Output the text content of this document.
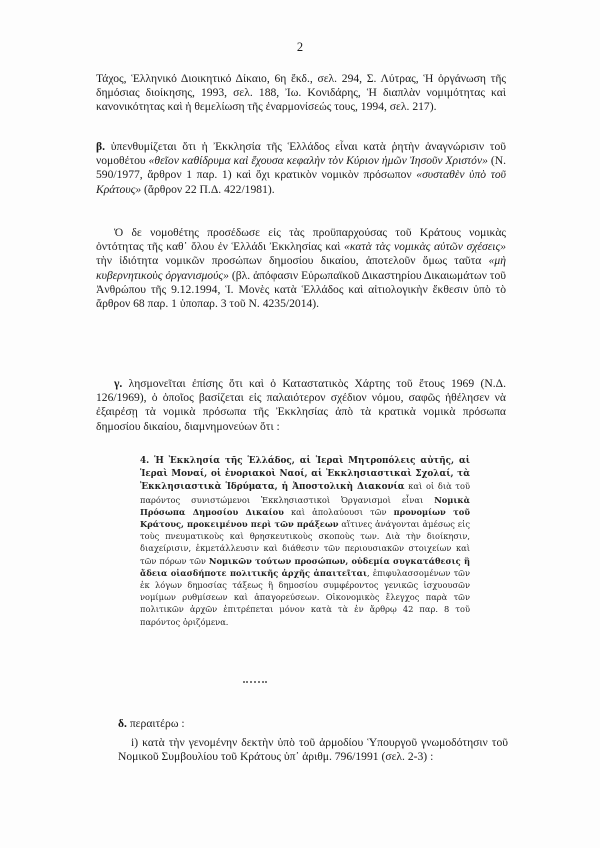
2
Τάχος, Ἑλληνικό Διοικητικό Δίκαιο, 6η ἔκδ., σελ. 294, Σ. Λύτρας, Ἡ ὀργάνωση τῆς δημόσιας διοίκησης, 1993, σελ. 188, Ἰω. Κονιδάρης, Ἡ διαπλὰν νομιμότητας καὶ κανονικότητας καὶ ἡ θεμελίωση τῆς ἐναρμονίσεώς τους, 1994, σελ. 217).
β. ὑπενθυμίζεται ὅτι ἡ Ἐκκλησία τῆς Ἑλλάδος εἶναι κατὰ ῥητὴν ἀναγνώρισιν τοῦ νομοθέτου «θεῖον καθίδρυμα καὶ ἔχουσα κεφαλὴν τὸν Κύριον ἡμῶν Ἰησοῦν Χριστόν» (Ν. 590/1977, ἄρθρον 1 παρ. 1) καὶ ὄχι κρατικὸν νομικὸν πρόσωπον «συσταθὲν ὑπὸ τοῦ Κράτους» (ἄρθρον 22 Π.Δ. 422/1981).
Ὁ δε νομοθέτης προσέδωσε εἰς τὰς προϋπαρχούσας τοῦ Κράτους νομικὰς ὀντότητας τῆς καθ᾽ ὅλου ἐν Ἑλλάδι Ἐκκλησίας καὶ «κατὰ τὰς νομικὰς αὐτῶν σχέσεις» τὴν ἰδιότητα νομικῶν προσώπων δημοσίου δικαίου, ἀποτελοῦν ὅμως ταῦτα «μὴ κυβερνητικοὺς ὀργανισμούς» (βλ. ἀπόφασιν Εὐρωπαϊκοῦ Δικαστηρίου Δικαιωμάτων τοῦ Ἀνθρώπου τῆς 9.12.1994, Ἱ. Μονὲς κατὰ Ἑλλάδος καὶ αἰτιολογικὴν ἔκθεσιν ὑπὸ τὸ ἄρθρον 68 παρ. 1 ὑποπαρ. 3 τοῦ Ν. 4235/2014).
γ. λησμονεῖται ἐπίσης ὅτι καὶ ὁ Καταστατικὸς Χάρτης τοῦ ἔτους 1969 (Ν.Δ. 126/1969), ὁ ὁποῖος βασίζεται εἰς παλαιότερον σχέδιον νόμου, σαφῶς ἠθέλησεν νὰ ἐξαιρέσῃ τὰ νομικὰ πρόσωπα τῆς Ἐκκλησίας ἀπὸ τὰ κρατικὰ νομικὰ πρόσωπα δημοσίου δικαίου, διαμνημονεύων ὅτι :
4. Ἡ Ἐκκλησία τῆς Ἑλλάδος, αἱ Ἱεραὶ Μητροπόλεις αὐτῆς, αἱ Ἱεραὶ Μοναί, οἱ ἐνοριακοὶ Ναοί, αἱ Ἐκκλησιαστικαὶ Σχολαί, τὰ Ἐκκλησιαστικὰ Ἱδρύματα, ἡ Ἀποστολικὴ Διακονία καὶ οἱ διὰ τοῦ παρόντος συνιστώμενοι Ἐκκλησιαστικοὶ Ὀργανισμοὶ εἶναι Νομικὰ Πρόσωπα Δημοσίου Δικαίου καὶ ἀπολαύουσι τῶν προνομίων τοῦ Κράτους, προκειμένου περὶ τῶν πράξεων αἵτινες ἀνάγονται ἀμέσως εἰς τοὺς πνευματικοὺς καὶ θρησκευτικοὺς σκοποὺς των. Διὰ τὴν διοίκησιν, διαχείρισιν, ἐκμετάλλευσιν καὶ διάθεσιν τῶν περιουσιακῶν στοιχείων καὶ τῶν πόρων τῶν Νομικῶν τούτων προσώπων, οὐδεμία συγκατάθεσις ἢ ἄδεια οἱασδήποτε πολιτικῆς ἀρχῆς ἀπαιτεῖται, ἐπιφυλασσομένων τῶν ἐκ λόγων δημοσίας τάξεως ἢ δημοσίου συμφέροντος γενικῶς ἰσχυουσῶν νομίμων ρυθμίσεων καὶ ἀπαγορεύσεων. Οἰκονομικὸς ἔλεγχος παρὰ τῶν πολιτικῶν ἀρχῶν ἐπιτρέπεται μόνον κατὰ τὰ ἐν ἄρθρῳ 42 παρ. 8 τοῦ παρόντος ὁριζόμενα.
δ. περαιτέρω :
i) κατὰ τὴν γενομένην δεκτὴν ὑπὸ τοῦ ἁρμοδίου Ὑπουργοῦ γνωμοδότησιν τοῦ Νομικοῦ Συμβουλίου τοῦ Κράτους ὑπ᾽ ἀριθμ. 796/1991 (σελ. 2-3) :
